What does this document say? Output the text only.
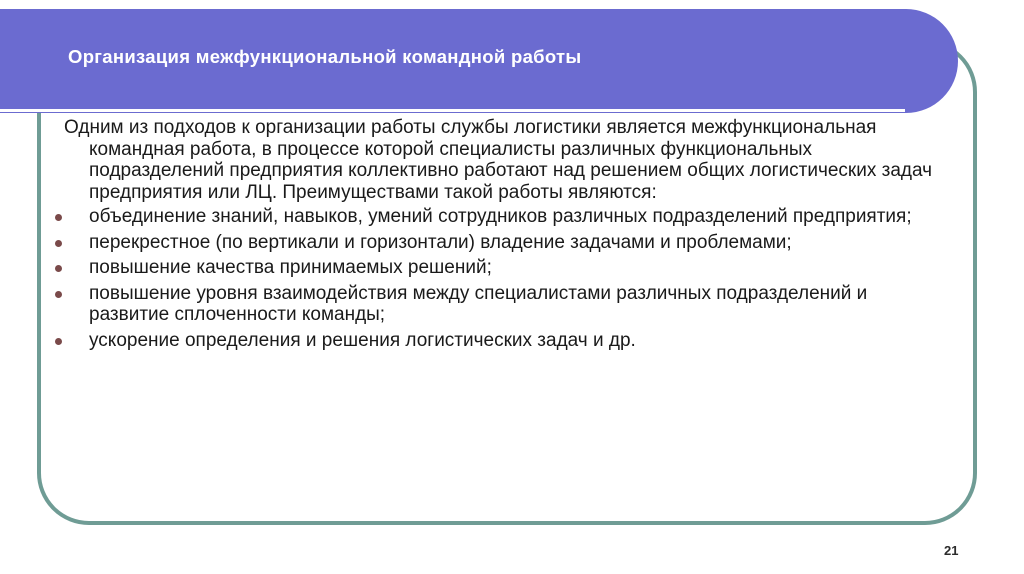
Организация межфункциональной командной работы

Одним из подходов к организации работы службы логистики является межфункциональная командная работа, в процессе которой специалисты различных функциональных подразделений предприятия коллективно работают над решением общих логистических задач предприятия или ЛЦ. Преимуществами такой работы являются:

объединение знаний, навыков, умений сотрудников различных подразделений предприятия;
перекрестное (по вертикали и горизонтали) владение задачами и проблемами;
повышение качества принимаемых решений;
повышение уровня взаимодействия между специалистами различных подразделений и развитие сплоченности команды;
ускорение определения и решения логистических задач и др.
21
